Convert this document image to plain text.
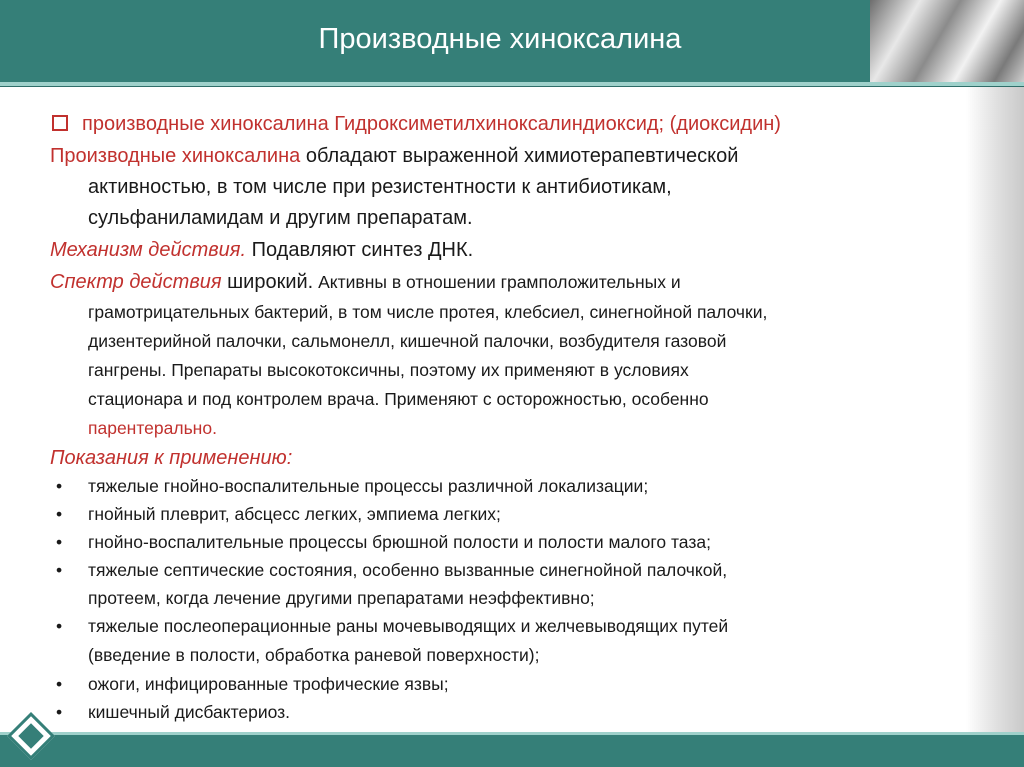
Производные хиноксалина
производные хиноксалина Гидроксиметилхиноксалиндиоксид; (диоксидин)
Производные хиноксалина обладают выраженной химиотерапевтической
активностью, в том числе при резистентности к антибиотикам,
сульфаниламидам и другим препаратам.
Механизм действия. Подавляют синтез ДНК.
Спектр действия широкий. Активны в отношении грамположительных и
грамотрицательных бактерий, в том числе протея, клебсиел, синегнойной палочки,
дизентерийной палочки, сальмонелл, кишечной палочки, возбудителя газовой
гангрены. Препараты высокотоксичны, поэтому их применяют в условиях
стационара и под контролем врача. Применяют с осторожностью, особенно
парентерально.
Показания к применению:
• тяжелые гнойно-воспалительные процессы различной локализации;
• гнойный плеврит, абсцесс легких, эмпиема легких;
• гнойно-воспалительные процессы брюшной полости и полости малого таза;
• тяжелые септические состояния, особенно вызванные синегнойной палочкой,
протеем, когда лечение другими препаратами неэффективно;
• тяжелые послеоперационные раны мочевыводящих и желчевыводящих путей
(введение в полости, обработка раневой поверхности);
• ожоги, инфицированные трофические язвы;
• кишечный дисбактериоз.
